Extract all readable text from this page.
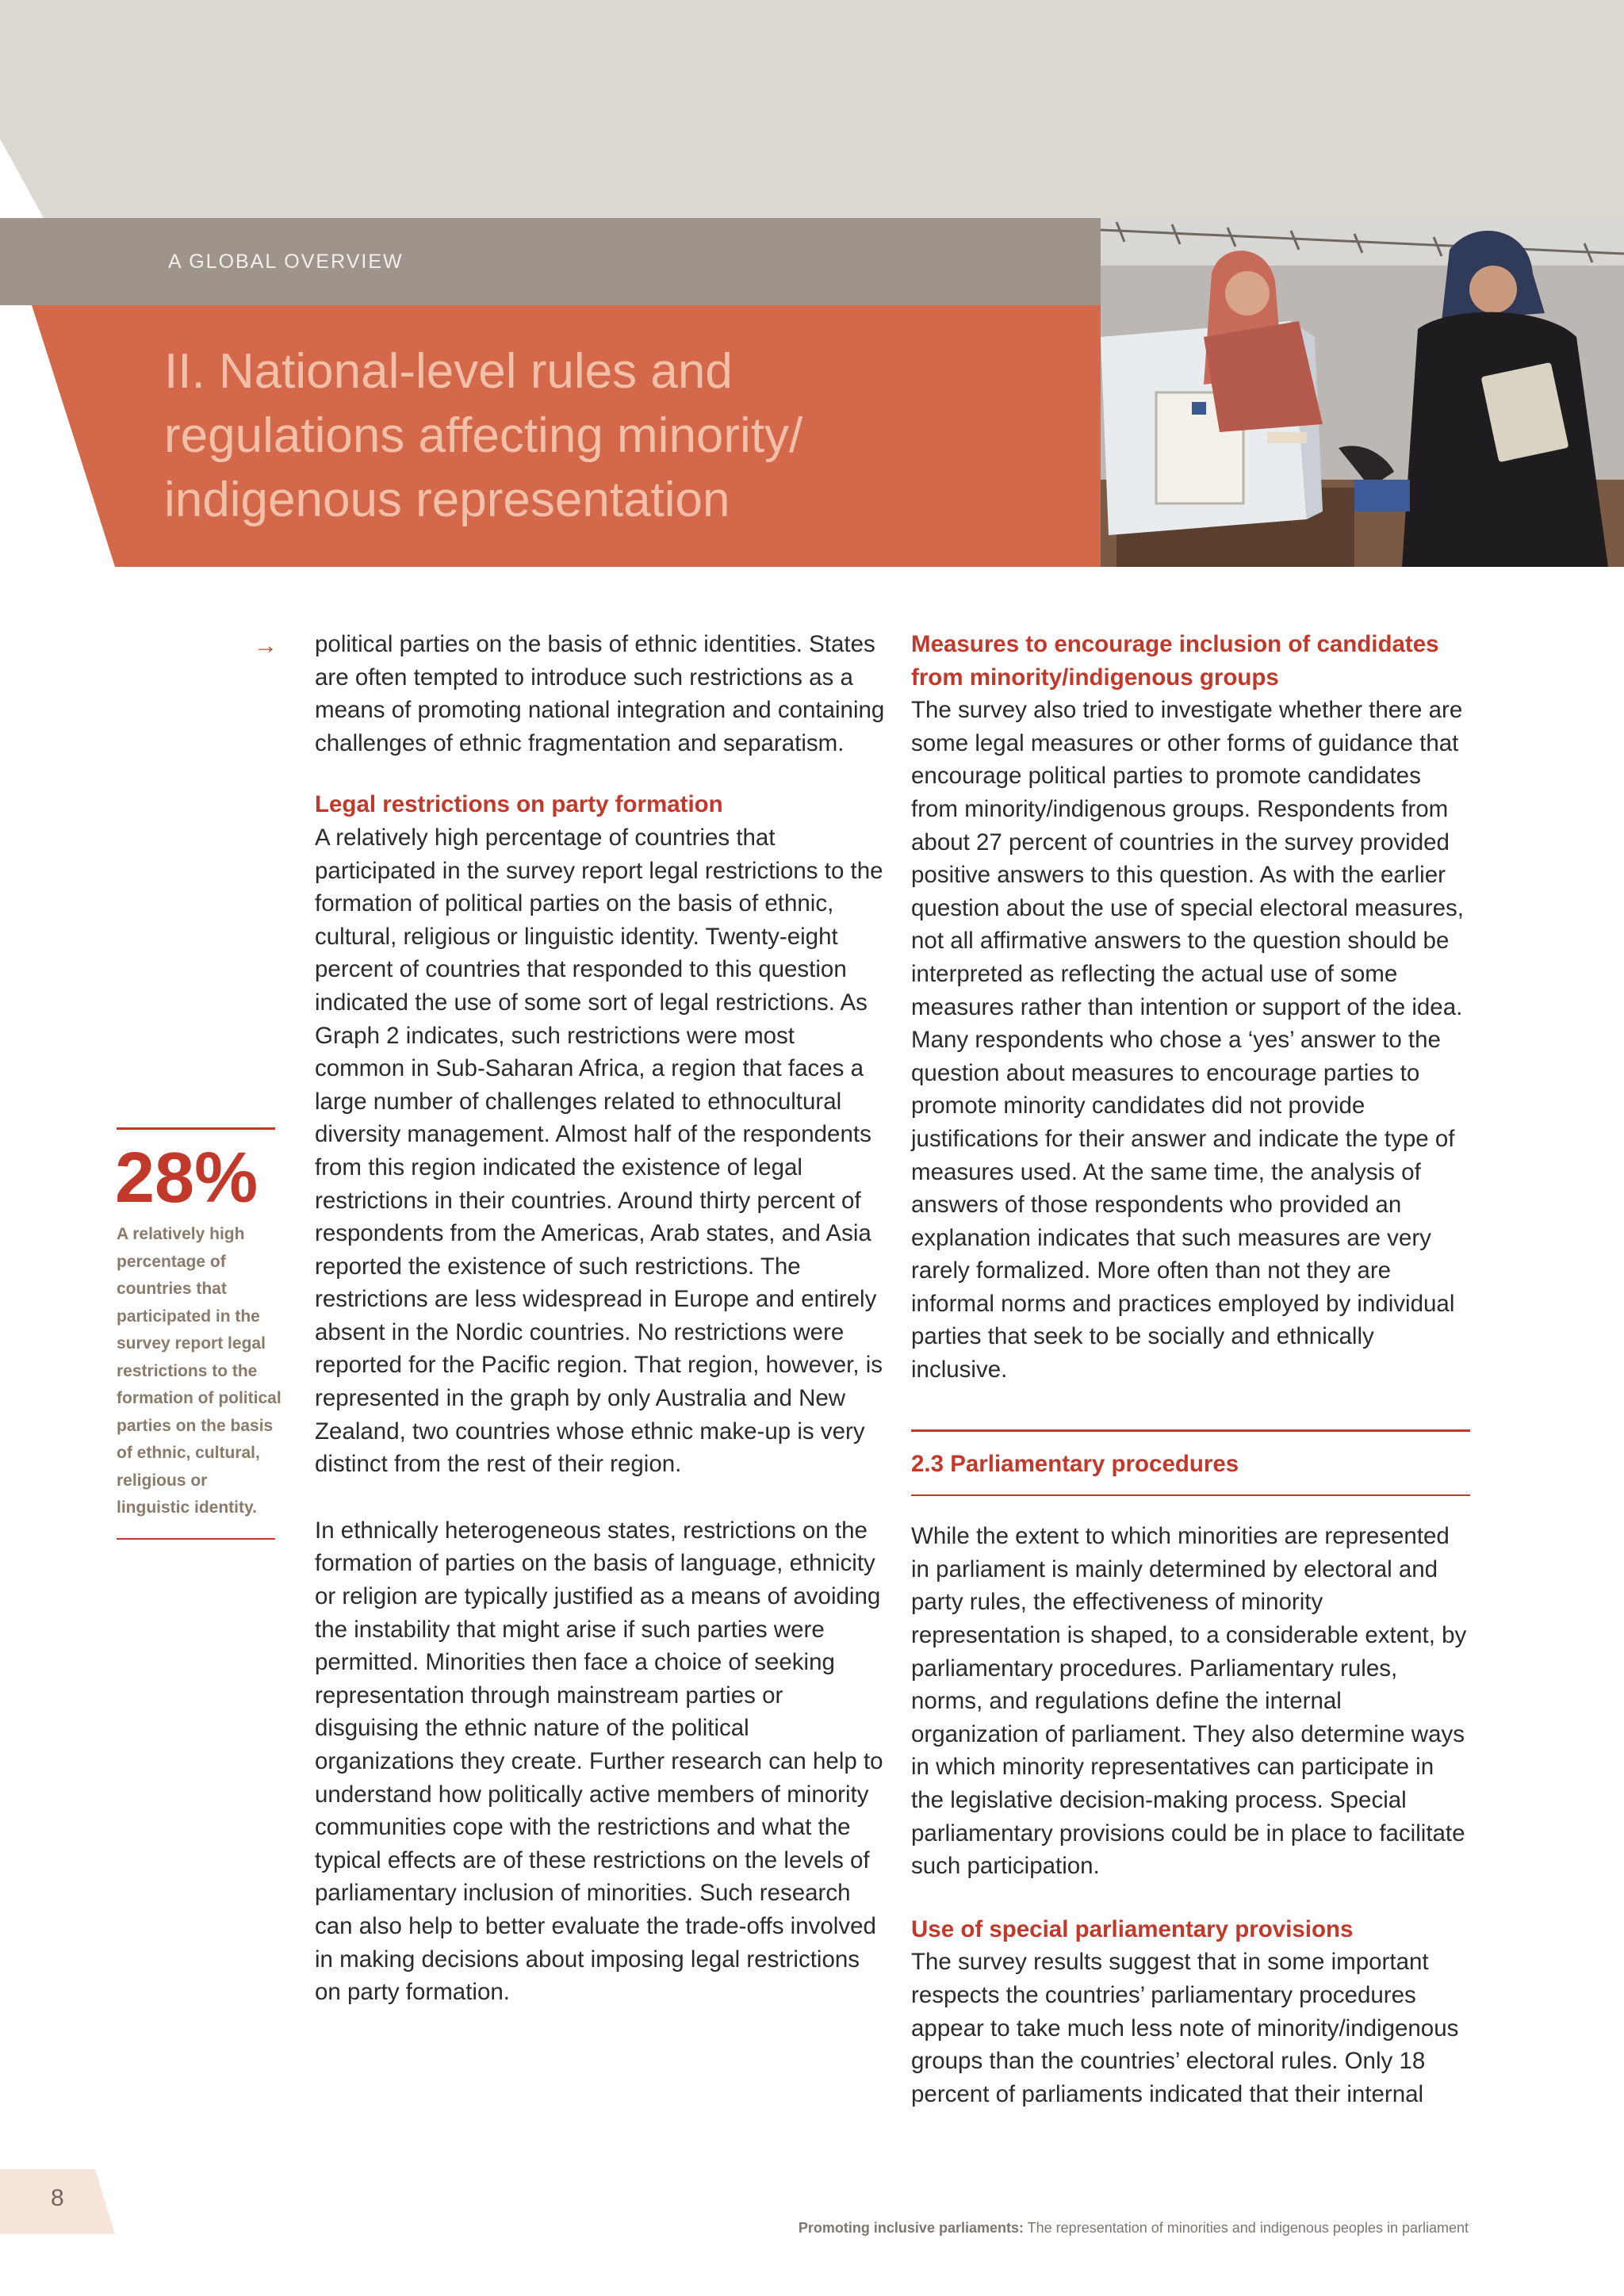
A GLOBAL OVERVIEW
II. National-level rules and
regulations affecting minority/
indigenous representation
→ political parties on the basis of ethnic identities. States are often tempted to introduce such restrictions as a means of promoting national integration and containing challenges of ethnic fragmentation and separatism.

Legal restrictions on party formation

A relatively high percentage of countries that participated in the survey report legal restrictions to the formation of political parties on the basis of ethnic, cultural, religious or linguistic identity. Twenty-eight percent of countries that responded to this question indicated the use of some sort of legal restrictions. As Graph 2 indicates, such restrictions were most common in Sub-Saharan Africa, a region that faces a large number of challenges related to ethnocultural diversity management. Almost half of the respondents from this region indicated the existence of legal restrictions in their countries. Around thirty percent of respondents from the Americas, Arab states, and Asia reported the existence of such restrictions. The restrictions are less widespread in Europe and entirely absent in the Nordic countries. No restrictions were reported for the Pacific region. That region, however, is represented in the graph by only Australia and New Zealand, two countries whose ethnic make-up is very distinct from the rest of their region.

In ethnically heterogeneous states, restrictions on the formation of parties on the basis of language, ethnicity or religion are typically justified as a means of avoiding the instability that might arise if such parties were permitted. Minorities then face a choice of seeking representation through mainstream parties or disguising the ethnic nature of the political organizations they create. Further research can help to understand how politically active members of minority communities cope with the restrictions and what the typical effects are of these restrictions on the levels of parliamentary inclusion of minorities. Such research can also help to better evaluate the trade-offs involved in making decisions about imposing legal restrictions on party formation.

28%
A relatively high percentage of countries that participated in the survey report legal restrictions to the formation of political parties on the basis of ethnic, cultural, religious or linguistic identity.
Measures to encourage inclusion of candidates from minority/indigenous groups

The survey also tried to investigate whether there are some legal measures or other forms of guidance that encourage political parties to promote candidates from minority/indigenous groups. Respondents from about 27 percent of countries in the survey provided positive answers to this question. As with the earlier question about the use of special electoral measures, not all affirmative answers to the question should be interpreted as reflecting the actual use of some measures rather than intention or support of the idea. Many respondents who chose a ‘yes’ answer to the question about measures to encourage parties to promote minority candidates did not provide justifications for their answer and indicate the type of measures used. At the same time, the analysis of answers of those respondents who provided an explanation indicates that such measures are very rarely formalized. More often than not they are informal norms and practices employed by individual parties that seek to be socially and ethnically inclusive.

2.3 Parliamentary procedures

While the extent to which minorities are represented in parliament is mainly determined by electoral and party rules, the effectiveness of minority representation is shaped, to a considerable extent, by parliamentary procedures. Parliamentary rules, norms, and regulations define the internal organization of parliament. They also determine ways in which minority representatives can participate in the legislative decision-making process. Special parliamentary provisions could be in place to facilitate such participation.

Use of special parliamentary provisions

The survey results suggest that in some important respects the countries’ parliamentary procedures appear to take much less note of minority/indigenous groups than the countries’ electoral rules. Only 18 percent of parliaments indicated that their internal

8
Promoting inclusive parliaments: The representation of minorities and indigenous peoples in parliament
